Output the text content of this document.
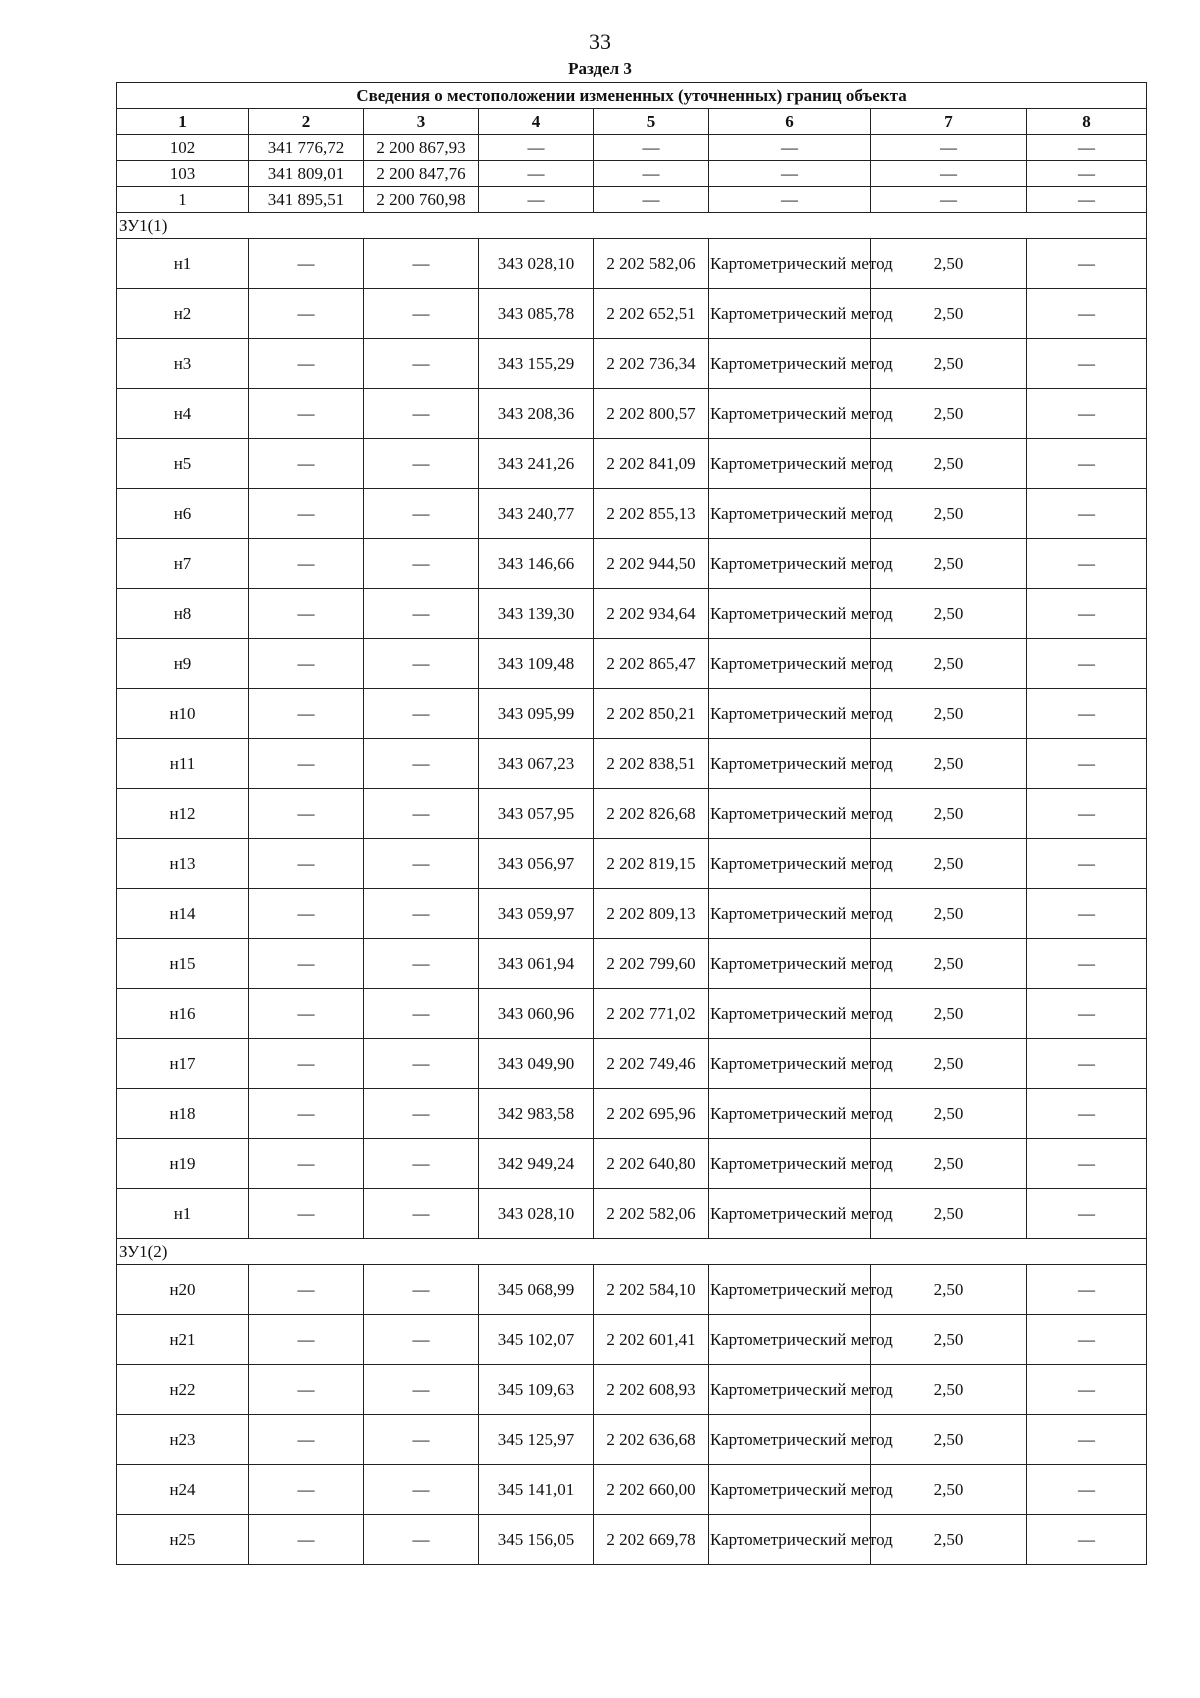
33
Раздел 3
Сведения о местоположении измененных (уточненных) границ объекта							
1	2	3	4	5	6	7	8
102	341 776,72	2 200 867,93	—	—	—	—	—
103	341 809,01	2 200 847,76	—	—	—	—	—
1	341 895,51	2 200 760,98	—	—	—	—	—
ЗУ1(1)							
н1	—	—	343 028,10	2 202 582,06	Картометрический метод	2,50	—
н2	—	—	343 085,78	2 202 652,51	Картометрический метод	2,50	—
н3	—	—	343 155,29	2 202 736,34	Картометрический метод	2,50	—
н4	—	—	343 208,36	2 202 800,57	Картометрический метод	2,50	—
н5	—	—	343 241,26	2 202 841,09	Картометрический метод	2,50	—
н6	—	—	343 240,77	2 202 855,13	Картометрический метод	2,50	—
н7	—	—	343 146,66	2 202 944,50	Картометрический метод	2,50	—
н8	—	—	343 139,30	2 202 934,64	Картометрический метод	2,50	—
н9	—	—	343 109,48	2 202 865,47	Картометрический метод	2,50	—
н10	—	—	343 095,99	2 202 850,21	Картометрический метод	2,50	—
н11	—	—	343 067,23	2 202 838,51	Картометрический метод	2,50	—
н12	—	—	343 057,95	2 202 826,68	Картометрический метод	2,50	—
н13	—	—	343 056,97	2 202 819,15	Картометрический метод	2,50	—
н14	—	—	343 059,97	2 202 809,13	Картометрический метод	2,50	—
н15	—	—	343 061,94	2 202 799,60	Картометрический метод	2,50	—
н16	—	—	343 060,96	2 202 771,02	Картометрический метод	2,50	—
н17	—	—	343 049,90	2 202 749,46	Картометрический метод	2,50	—
н18	—	—	342 983,58	2 202 695,96	Картометрический метод	2,50	—
н19	—	—	342 949,24	2 202 640,80	Картометрический метод	2,50	—
н1	—	—	343 028,10	2 202 582,06	Картометрический метод	2,50	—
ЗУ1(2)							
н20	—	—	345 068,99	2 202 584,10	Картометрический метод	2,50	—
н21	—	—	345 102,07	2 202 601,41	Картометрический метод	2,50	—
н22	—	—	345 109,63	2 202 608,93	Картометрический метод	2,50	—
н23	—	—	345 125,97	2 202 636,68	Картометрический метод	2,50	—
н24	—	—	345 141,01	2 202 660,00	Картометрический метод	2,50	—
н25	—	—	345 156,05	2 202 669,78	Картометрический метод	2,50	—
